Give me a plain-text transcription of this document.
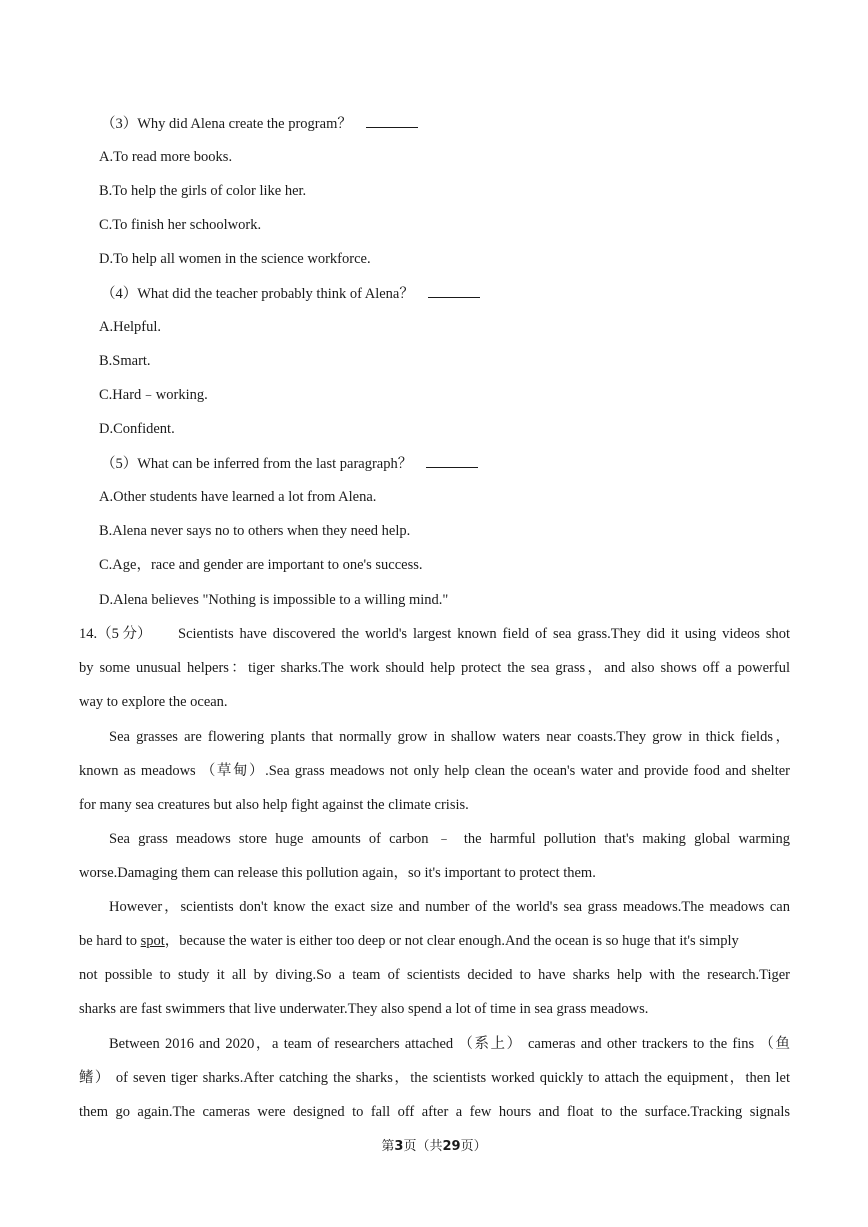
（3）Why did Alena create the program？
A.To read more books.
B.To help the girls of color like her.
C.To finish her schoolwork.
D.To help all women in the science workforce.
（4）What did the teacher probably think of Alena？
A.Helpful.
B.Smart.
C.Hard﹣working.
D.Confident.
（5）What can be inferred from the last paragraph？
A.Other students have learned a lot from Alena.
B.Alena never says no to others when they need help.
C.Age，race and gender are important to one's success.
D.Alena believes "Nothing is impossible to a willing mind."
14.（5 分） Scientists have discovered the world's largest known field of sea grass.They did it using videos shot
by some unusual helpers：tiger sharks.The work should help protect the sea grass，and also shows off a powerful
way to explore the ocean.
Sea grasses are flowering plants that normally grow in shallow waters near coasts.They grow in thick fields，
known as meadows （草甸）.Sea grass meadows not only help clean the ocean's water and provide food and shelter
for many sea creatures but also help fight against the climate crisis.
Sea grass meadows store huge amounts of carbon ﹣ the harmful pollution that's making global warming
worse.Damaging them can release this pollution again，so it's important to protect them.
However，scientists don't know the exact size and number of the world's sea grass meadows.The meadows can
be hard to spot，because the water is either too deep or not clear enough.And the ocean is so huge that it's simply
not possible to study it all by diving.So a team of scientists decided to have sharks help with the research.Tiger
sharks are fast swimmers that live underwater.They also spend a lot of time in sea grass meadows.
Between 2016 and 2020，a team of researchers attached （系上） cameras and other trackers to the fins （鱼
鳍） of seven tiger sharks.After catching the sharks，the scientists worked quickly to attach the equipment，then let
them go again.The cameras were designed to fall off after a few hours and float to the surface.Tracking signals
第3页（共29页）
